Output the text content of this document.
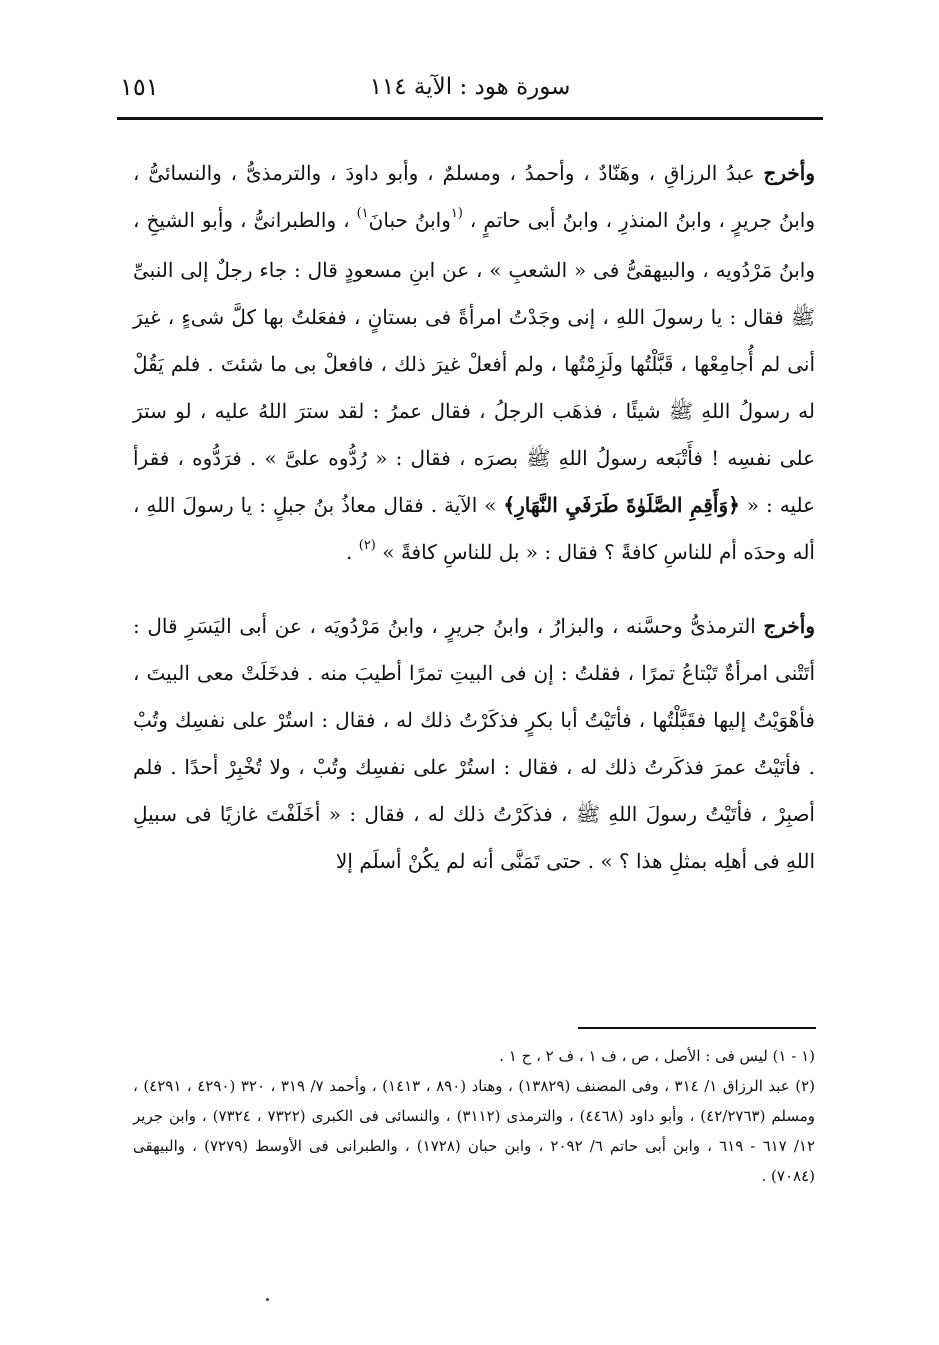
١٥١	سورة هود : الآية ١١٤

وأخرج عبدُ الرزاقِ ، وهَنّادٌ ، وأحمدُ ، ومسلمٌ ، وأبو داودَ ، والترمذىُّ ، والنسائىُّ ، وابنُ جريرٍ ، وابنُ المنذرِ ، وابنُ أبى حاتمٍ ، $^{(١}$وابنُ حبانَ$^{١)}$ ، والطبرانىُّ ، وأبو الشيخِ ، وابنُ مَرْدُويه ، والبيهقىُّ فى « الشعبِ » ، عن ابنِ مسعودٍ قال : جاء رجلٌ إلى النبىِّ ﷺ فقال : يا رسولَ اللهِ ، إنى وجَدْتُ امرأةً فى بستانٍ ، ففعَلتُ بها كلَّ شىءٍ ، غيرَ أنى لم أُجامِعْها ، قَبَّلْتُها ولَزِمْتُها ، ولم أفعلْ غيرَ ذلك ، فافعلْ بى ما شئتَ . فلم يَقُلْ له رسولُ اللهِ ﷺ شيئًا ، فذهَب الرجلُ ، فقال عمرُ : لقد سترَ اللهُ عليه ، لو سترَ على نفسِه ! فأَتْبَعه رسولُ اللهِ ﷺ بصرَه ، فقال : « رُدُّوه علىَّ » . فرَدُّوه ، فقرأ عليه : « ﴿وَأَقِمِ الصَّلَوٰةَ طَرَفَيِ النَّهَارِ﴾ » الآية . فقال معاذُ بنُ جبلٍ : يا رسولَ اللهِ ، أله وحدَه أم للناسِ كافةً ؟ فقال : « بل للناسِ كافةً » $^{(٢)}$ .

وأخرج الترمذىُّ وحسَّنه ، والبزارُ ، وابنُ جريرٍ ، وابنُ مَرْدُويَه ، عن أبى اليَسَرِ قال : أتَتْنى امرأةٌ تَبْتاعُ تمرًا ، فقلتُ : إن فى البيتِ تمرًا أطيبَ منه . فدخَلَتْ معى البيتَ ، فأهْوَيْتُ إليها فقَبَّلْتُها ، فأتَيْتُ أبا بكرٍ فذكَرْتُ ذلك له ، فقال : استُرْ على نفسِك وتُبْ . فأتَيْتُ عمرَ فذكَرتُ ذلك له ، فقال : استُرْ على نفسِك وتُبْ ، ولا تُخْبِرْ أحدًا . فلم أصبِرْ ، فأتَيْتُ رسولَ اللهِ ﷺ ، فذكَرْتُ ذلك له ، فقال : « أخَلَفْتَ غازيًا فى سبيلِ اللهِ فى أهلِه بمثلِ هذا ؟ » . حتى تَمَنَّى أنه لم يكُنْ أسلَم إلا

(١ - ١) ليس فى : الأصل ، ص ، ف ١ ، ف ٢ ، ح ١ .

(٢) عبد الرزاق ١/ ٣١٤ ، وفى المصنف (١٣٨٢٩) ، وهناد (٨٩٠ ، ١٤١٣) ، وأحمد ٧/ ٣١٩ ، ٣٢٠ (٤٢٩٠ ، ٤٢٩١) ، ومسلم (٤٢/٢٧٦٣) ، وأبو داود (٤٤٦٨) ، والترمذى (٣١١٢) ، والنسائى فى الكبرى (٧٣٢٢ ، ٧٣٢٤) ، وابن جرير ١٢/ ٦١٧ - ٦١٩ ، وابن أبى حاتم ٦/ ٢٠٩٢ ، وابن حبان (١٧٢٨) ، والطبرانى فى الأوسط (٧٢٧٩) ، والبيهقى (٧٠٨٤) .
